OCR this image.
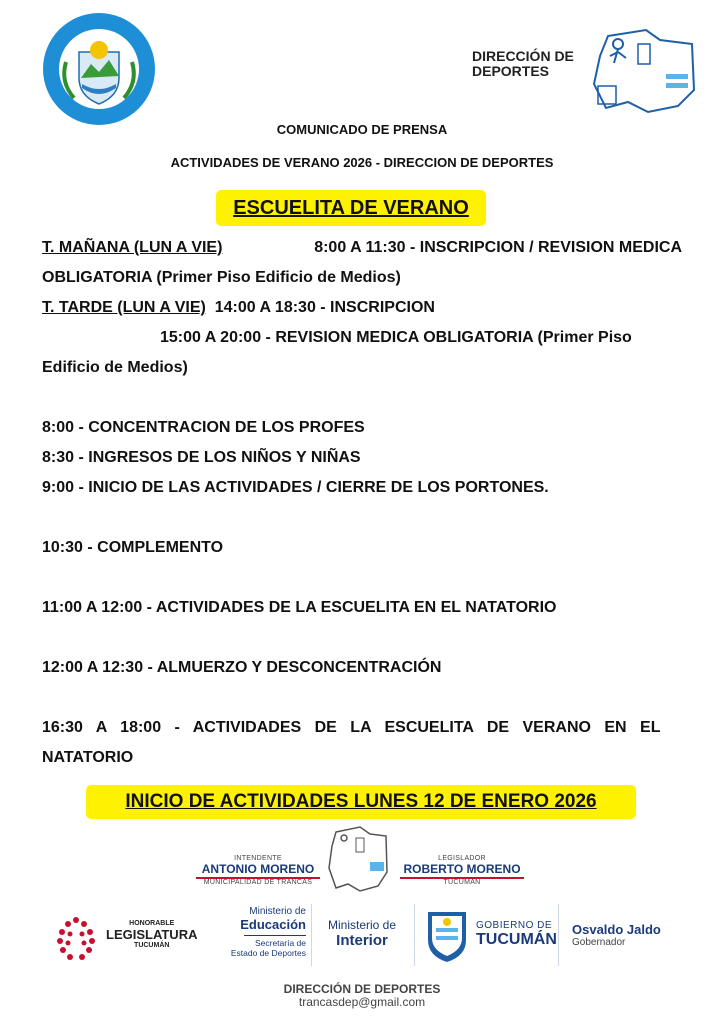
DIRECCIÓN DE
DEPORTES
COMUNICADO DE PRENSA
ACTIVIDADES DE VERANO 2026 - DIRECCION DE DEPORTES
ESCUELITA DE VERANO
T. MAÑANA (LUN A VIE)	8:00 A 11:30 - INSCRIPCION / REVISION MEDICA
OBLIGATORIA (Primer Piso Edificio de Medios)
T. TARDE (LUN A VIE) 14:00 A 18:30 - INSCRIPCION
15:00 A 20:00 - REVISION MEDICA OBLIGATORIA (Primer Piso
Edificio de Medios)
8:00 - CONCENTRACION DE LOS PROFES
8:30 - INGRESOS DE LOS NIÑOS Y NIÑAS
9:00 - INICIO DE LAS ACTIVIDADES / CIERRE DE LOS PORTONES.
10:30 - COMPLEMENTO
11:00 A 12:00 - ACTIVIDADES DE LA ESCUELITA EN EL NATATORIO
12:00 A 12:30 - ALMUERZO Y DESCONCENTRACIÓN
16:30 A 18:00 - ACTIVIDADES DE LA ESCUELITA DE VERANO EN EL
NATATORIO
INICIO DE ACTIVIDADES LUNES 12 DE ENERO 2026
INTENDENTE
ANTONIO MORENO
MUNICIPALIDAD DE TRANCAS
LEGISLADOR
ROBERTO MORENO
TUCUMÁN
HONORABLE
LEGISLATURA
TUCUMÁN
Ministerio de
Educación
Secretaría de
Estado de Deportes
Ministerio de
Interior
GOBIERNO DE
TUCUMÁN
Osvaldo Jaldo
Gobernador
DIRECCIÓN DE DEPORTES
trancasdep@gmail.com
